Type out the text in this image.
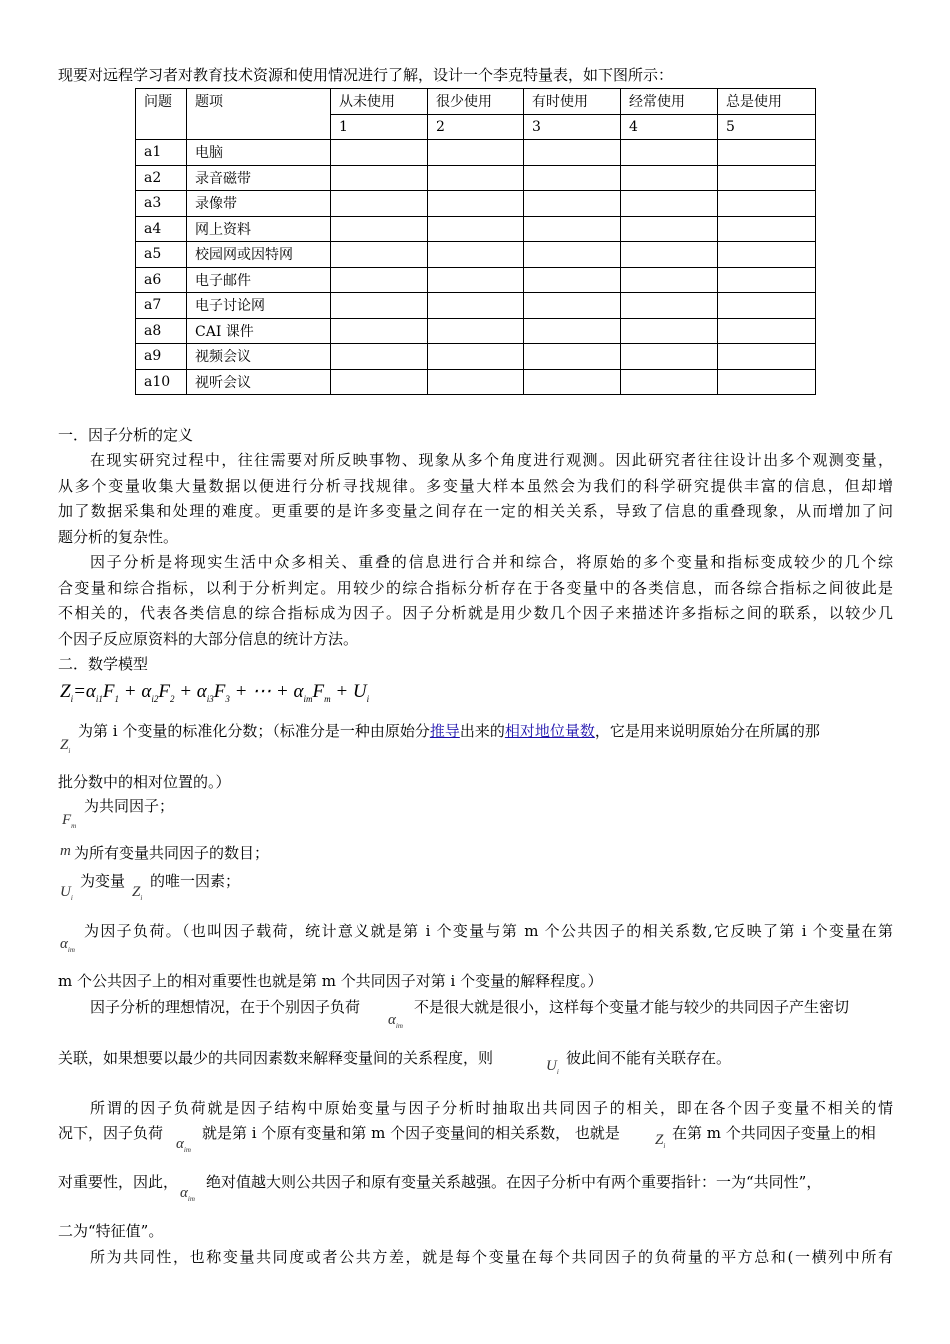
现要对远程学习者对教育技术资源和使用情况进行了解，设计一个李克特量表，如下图所示：
问题	题项	从未使用	很少使用	有时使用	经常使用	总是使用
		1	2	3	4	5
a1	电脑					
a2	录音磁带					
a3	录像带					
a4	网上资料					
a5	校园网或因特网					
a6	电子邮件					
a7	电子讨论网					
a8	CAI 课件					
a9	视频会议					
a10	视听会议					
一．因子分析的定义
在现实研究过程中，往往需要对所反映事物、现象从多个角度进行观测。因此研究者往往设计出多个观测变量，
从多个变量收集大量数据以便进行分析寻找规律。多变量大样本虽然会为我们的科学研究提供丰富的信息，但却增
加了数据采集和处理的难度。更重要的是许多变量之间存在一定的相关关系，导致了信息的重叠现象，从而增加了问
题分析的复杂性。
因子分析是将现实生活中众多相关、重叠的信息进行合并和综合，将原始的多个变量和指标变成较少的几个综
合变量和综合指标，以利于分析判定。用较少的综合指标分析存在于各变量中的各类信息，而各综合指标之间彼此是
不相关的，代表各类信息的综合指标成为因子。因子分析就是用少数几个因子来描述许多指标之间的联系，以较少几
个因子反应原资料的大部分信息的统计方法。
二．数学模型
$Z_i=\alpha_{i1}F_1 + \alpha_{i2}F_2 + \alpha_{i3}F_3$ + ⋯ + $\alpha_{im}F_m + U_i$
$Z_i$
为第 i 个变量的标准化分数；（标准分是一种由原始分推导出来的相对地位量数，它是用来说明原始分在所属的那
批分数中的相对位置的。）
$F_m$
为共同因子；
m 为所有变量共同因子的数目；
$U_i$
为变量
$Z_i$
的唯一因素；
$\alpha_{im}$
为因子负荷。（也叫因子载荷，统计意义就是第 i 个变量与第 m 个公共因子的相关系数,它反映了第 i 个变量在第
m 个公共因子上的相对重要性也就是第 m 个共同因子对第 i 个变量的解释程度。）
因子分析的理想情况，在于个别因子负荷
$\alpha_{im}$
不是很大就是很小，这样每个变量才能与较少的共同因子产生密切
关联，如果想要以最少的共同因素数来解释变量间的关系程度，则	$U_i$
彼此间不能有关联存在。
所谓的因子负荷就是因子结构中原始变量与因子分析时抽取出共同因子的相关，即在各个因子变量不相关的情
况下，因子负荷
$\alpha_{im}$
就是第 i 个原有变量和第 m 个因子变量间的相关系数， 也就是 $Z_i$
在第 m 个共同因子变量上的相
对重要性，因此，
$\alpha_{im}$
绝对值越大则公共因子和原有变量关系越强。在因子分析中有两个重要指针：一为“共同性”，
二为“特征值”。
所为共同性，也称变量共同度或者公共方差，就是每个变量在每个共同因子的负荷量的平方总和(一横列中所有
